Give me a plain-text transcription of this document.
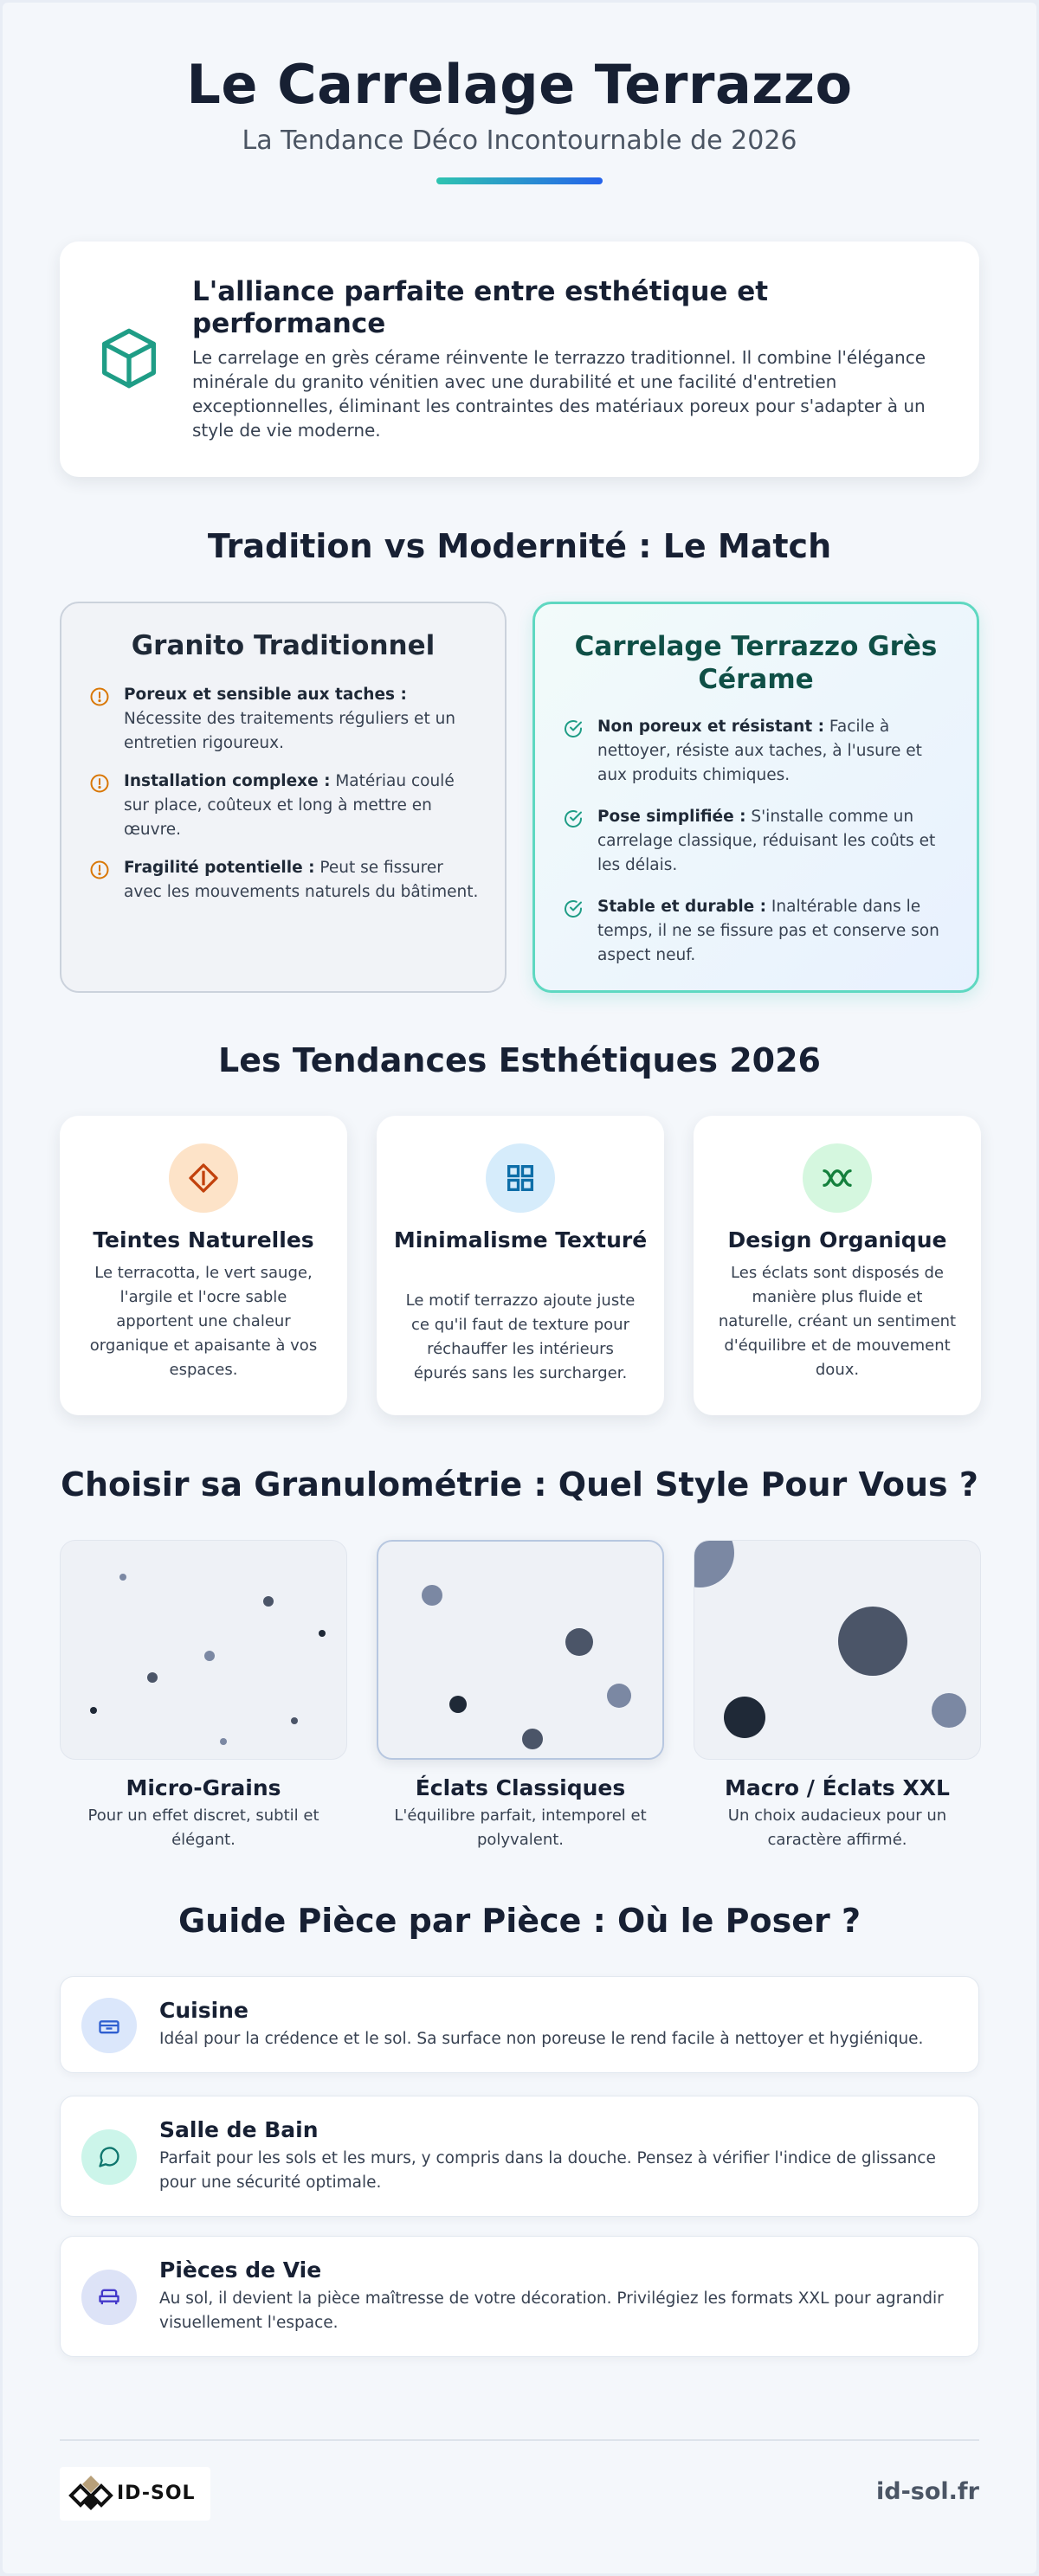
Le Carrelage Terrazzo
La Tendance Déco Incontournable de 2026
L'alliance parfaite entre esthétique et performance
Le carrelage en grès cérame réinvente le terrazzo traditionnel. Il combine l'élégance minérale du granito vénitien avec une durabilité et une facilité d'entretien exceptionnelles, éliminant les contraintes des matériaux poreux pour s'adapter à un style de vie moderne.
Tradition vs Modernité : Le Match
Granito Traditionnel
Poreux et sensible aux taches : Nécessite des traitements réguliers et un entretien rigoureux.
Installation complexe : Matériau coulé sur place, coûteux et long à mettre en œuvre.
Fragilité potentielle : Peut se fissurer avec les mouvements naturels du bâtiment.
Carrelage Terrazzo Grès Cérame
Non poreux et résistant : Facile à nettoyer, résiste aux taches, à l'usure et aux produits chimiques.
Pose simplifiée : S'installe comme un carrelage classique, réduisant les coûts et les délais.
Stable et durable : Inaltérable dans le temps, il ne se fissure pas et conserve son aspect neuf.
Les Tendances Esthétiques 2026
Teintes Naturelles
Le terracotta, le vert sauge, l'argile et l'ocre sable apportent une chaleur organique et apaisante à vos espaces.
Minimalisme Texturé
Le motif terrazzo ajoute juste ce qu'il faut de texture pour réchauffer les intérieurs épurés sans les surcharger.
Design Organique
Les éclats sont disposés de manière plus fluide et naturelle, créant un sentiment d'équilibre et de mouvement doux.
Choisir sa Granulométrie : Quel Style Pour Vous ?
Micro-Grains
Pour un effet discret, subtil et élégant.
Éclats Classiques
L'équilibre parfait, intemporel et polyvalent.
Macro / Éclats XXL
Un choix audacieux pour un caractère affirmé.
Guide Pièce par Pièce : Où le Poser ?
Cuisine
Idéal pour la crédence et le sol. Sa surface non poreuse le rend facile à nettoyer et hygiénique.
Salle de Bain
Parfait pour les sols et les murs, y compris dans la douche. Pensez à vérifier l'indice de glissance pour une sécurité optimale.
Pièces de Vie
Au sol, il devient la pièce maîtresse de votre décoration. Privilégiez les formats XXL pour agrandir visuellement l'espace.
ID-SOL	id-sol.fr
